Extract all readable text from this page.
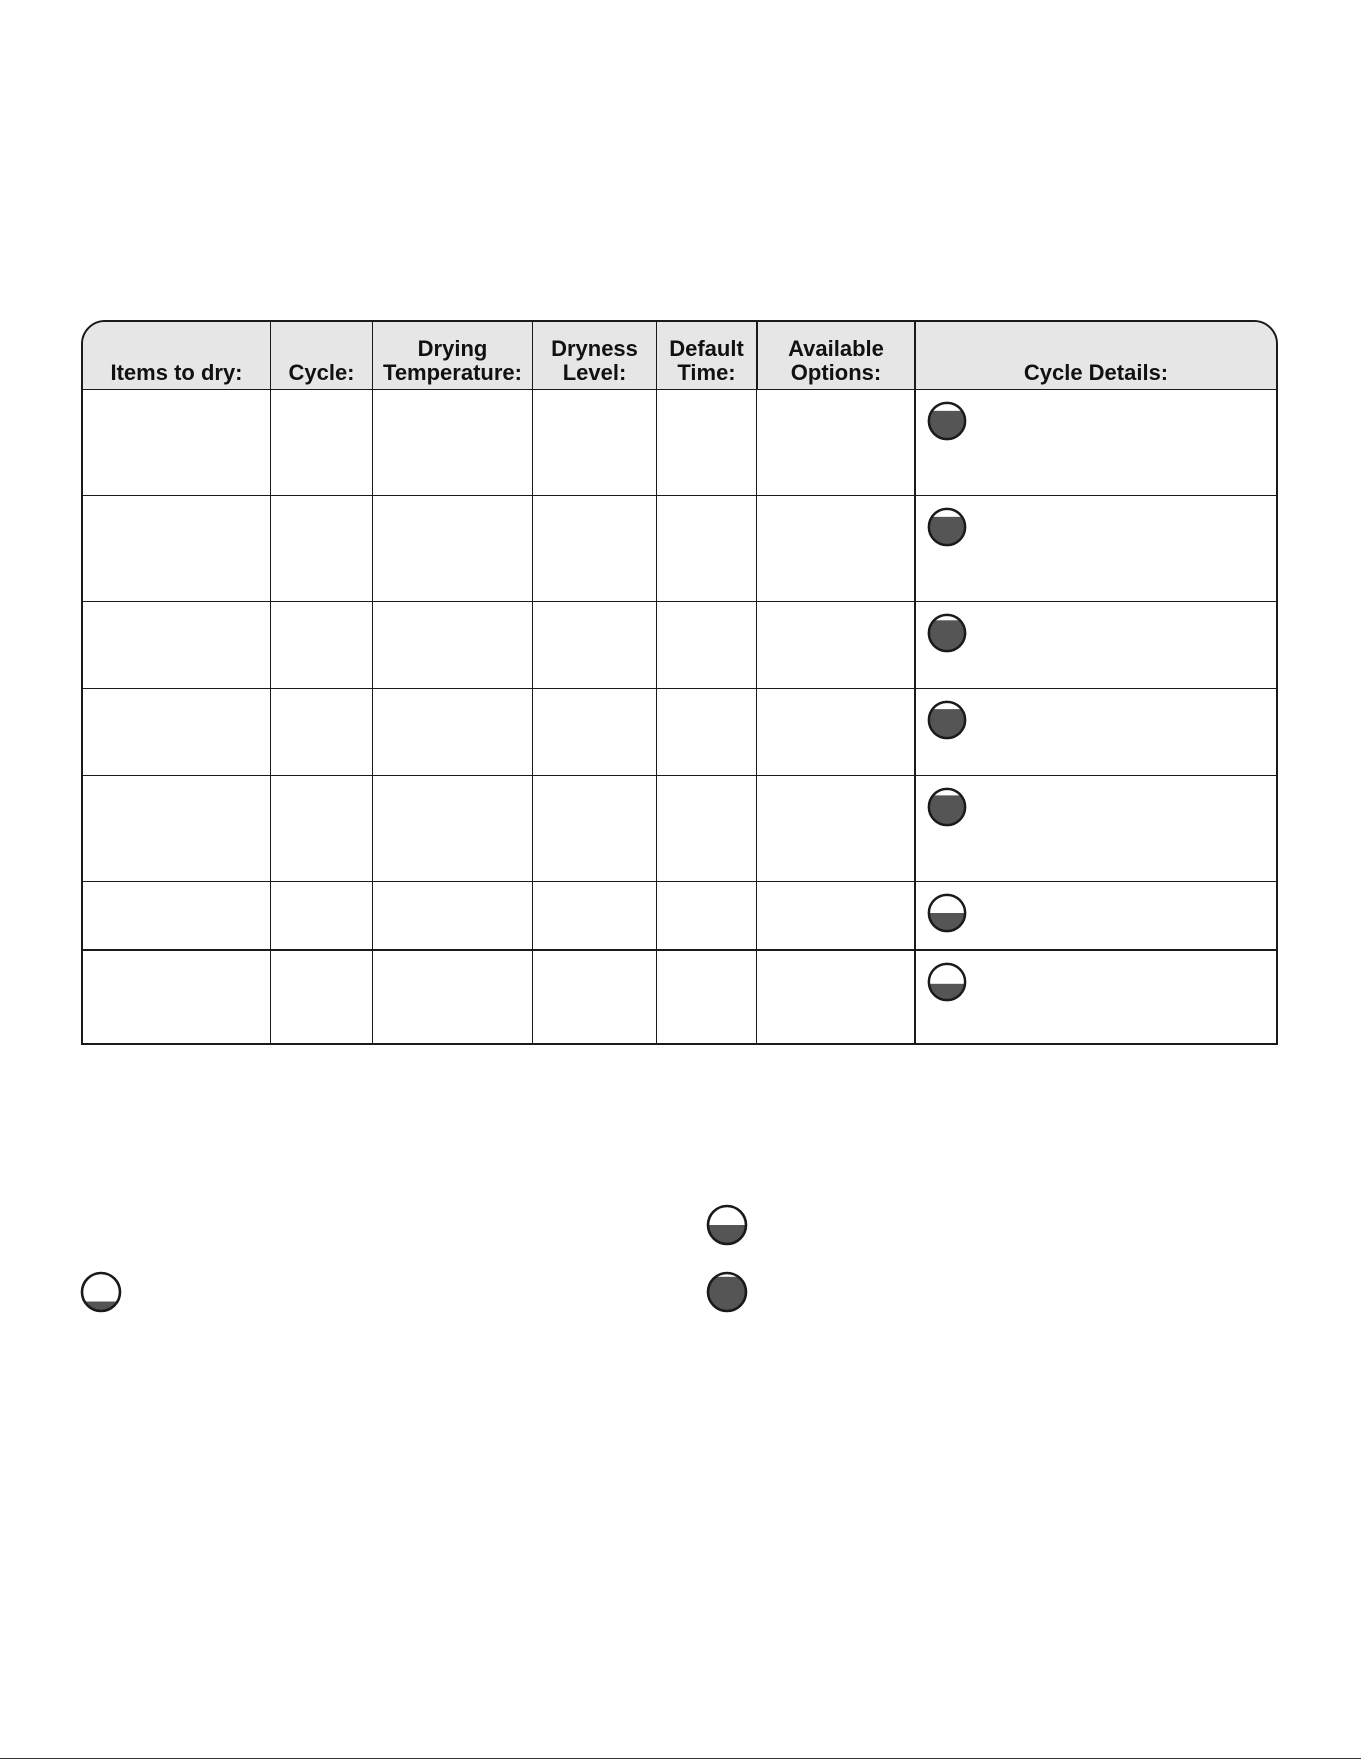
Items to dry:	Cycle:
Drying
Temperature:
Dryness
Level:
Default
Time:
Available
Options:	Cycle Details:
